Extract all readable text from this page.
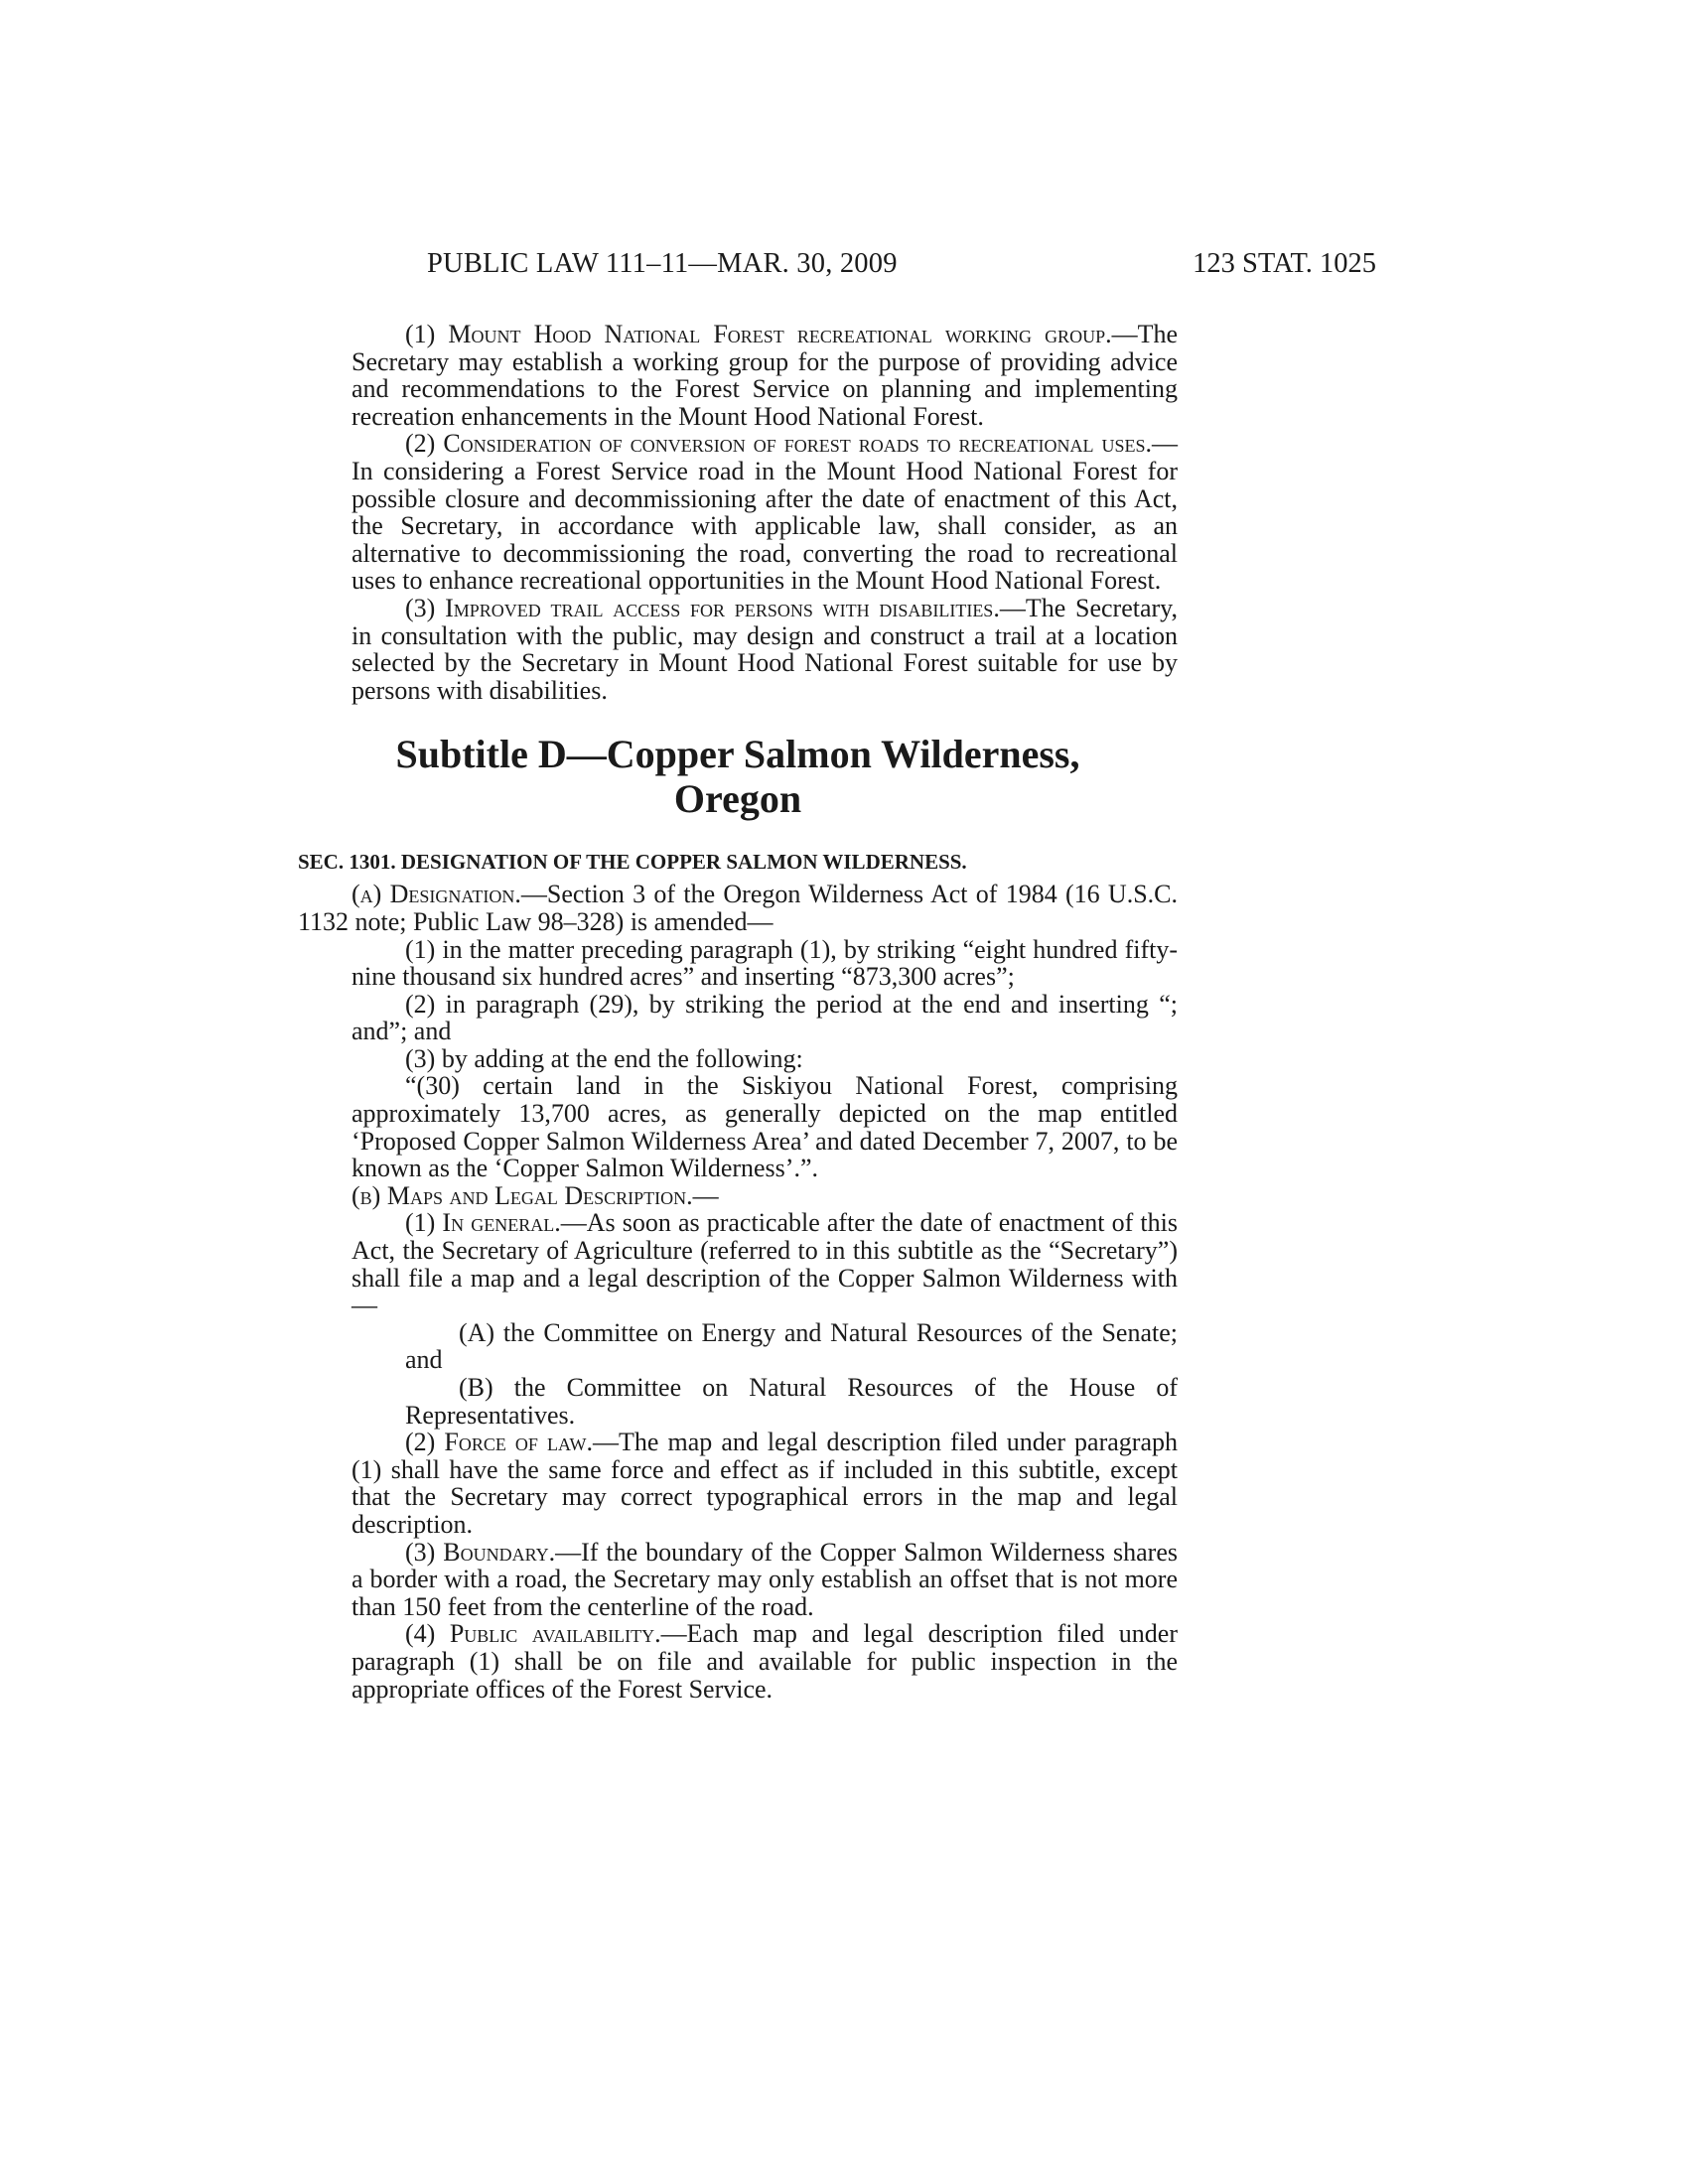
PUBLIC LAW 111–11—MAR. 30, 2009	123 STAT. 1025

(1) Mount Hood National Forest recreational working group.—The Secretary may establish a working group for the purpose of providing advice and recommendations to the Forest Service on planning and implementing recreation enhancements in the Mount Hood National Forest.

(2) Consideration of conversion of forest roads to recreational uses.—In considering a Forest Service road in the Mount Hood National Forest for possible closure and decommissioning after the date of enactment of this Act, the Secretary, in accordance with applicable law, shall consider, as an alternative to decommissioning the road, converting the road to recreational uses to enhance recreational opportunities in the Mount Hood National Forest.

(3) Improved trail access for persons with disabilities.—The Secretary, in consultation with the public, may design and construct a trail at a location selected by the Secretary in Mount Hood National Forest suitable for use by persons with disabilities.

Subtitle D—Copper Salmon Wilderness, Oregon
SEC. 1301. DESIGNATION OF THE COPPER SALMON WILDERNESS.

(a) Designation.—Section 3 of the Oregon Wilderness Act of 1984 (16 U.S.C. 1132 note; Public Law 98–328) is amended—

(1) in the matter preceding paragraph (1), by striking “eight hundred fifty-nine thousand six hundred acres” and inserting “873,300 acres”;

(2) in paragraph (29), by striking the period at the end and inserting “; and”; and

(3) by adding at the end the following:

“(30) certain land in the Siskiyou National Forest, comprising approximately 13,700 acres, as generally depicted on the map entitled ‘Proposed Copper Salmon Wilderness Area’ and dated December 7, 2007, to be known as the ‘Copper Salmon Wilderness’.”.

(b) Maps and Legal Description.—

(1) In general.—As soon as practicable after the date of enactment of this Act, the Secretary of Agriculture (referred to in this subtitle as the “Secretary”) shall file a map and a legal description of the Copper Salmon Wilderness with—

(A) the Committee on Energy and Natural Resources of the Senate; and

(B) the Committee on Natural Resources of the House of Representatives.

(2) Force of law.—The map and legal description filed under paragraph (1) shall have the same force and effect as if included in this subtitle, except that the Secretary may correct typographical errors in the map and legal description.

(3) Boundary.—If the boundary of the Copper Salmon Wilderness shares a border with a road, the Secretary may only establish an offset that is not more than 150 feet from the centerline of the road.

(4) Public availability.—Each map and legal description filed under paragraph (1) shall be on file and available for public inspection in the appropriate offices of the Forest Service.
